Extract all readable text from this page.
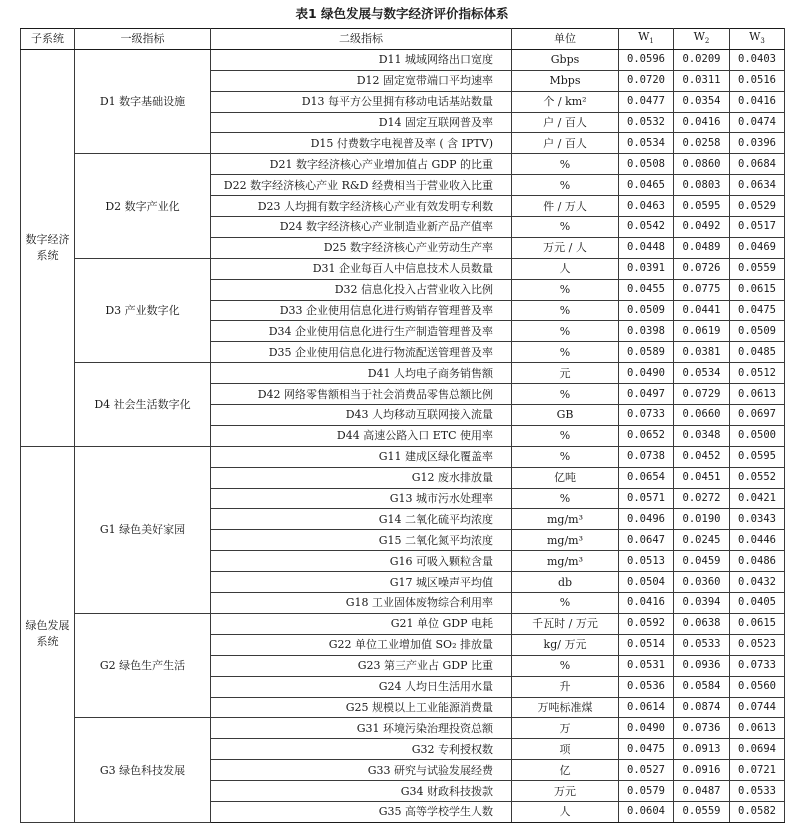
表1 绿色发展与数字经济评价指标体系
子系统	一级指标	二级指标	单位	$W_1$	$W_2$	$W_3$
数字经济系统	D1 数字基础设施	D11 城域网络出口宽度	Gbps	0.0596	0.0209	0.0403
		D12 固定宽带端口平均速率	Mbps	0.0720	0.0311	0.0516
		D13 每平方公里拥有移动电话基站数量	个 / km²	0.0477	0.0354	0.0416
		D14 固定互联网普及率	户 / 百人	0.0532	0.0416	0.0474
		D15 付费数字电视普及率 ( 含 IPTV)	户 / 百人	0.0534	0.0258	0.0396
	D2 数字产业化	D21 数字经济核心产业增加值占 GDP 的比重	%	0.0508	0.0860	0.0684
		D22 数字经济核心产业 R&D 经费相当于营业收入比重	%	0.0465	0.0803	0.0634
		D23 人均拥有数字经济核心产业有效发明专利数	件 / 万人	0.0463	0.0595	0.0529
		D24 数字经济核心产业制造业新产品产值率	%	0.0542	0.0492	0.0517
		D25 数字经济核心产业劳动生产率	万元 / 人	0.0448	0.0489	0.0469
	D3 产业数字化	D31 企业每百人中信息技术人员数量	人	0.0391	0.0726	0.0559
		D32 信息化投入占营业收入比例	%	0.0455	0.0775	0.0615
		D33 企业使用信息化进行购销存管理普及率	%	0.0509	0.0441	0.0475
		D34 企业使用信息化进行生产制造管理普及率	%	0.0398	0.0619	0.0509
		D35 企业使用信息化进行物流配送管理普及率	%	0.0589	0.0381	0.0485
	D4 社会生活数字化	D41 人均电子商务销售额	元	0.0490	0.0534	0.0512
		D42 网络零售额相当于社会消费品零售总额比例	%	0.0497	0.0729	0.0613
		D43 人均移动互联网接入流量	GB	0.0733	0.0660	0.0697
		D44 高速公路入口 ETC 使用率	%	0.0652	0.0348	0.0500
绿色发展系统	G1 绿色美好家园	G11 建成区绿化覆盖率	%	0.0738	0.0452	0.0595
		G12 废水排放量	亿吨	0.0654	0.0451	0.0552
		G13 城市污水处理率	%	0.0571	0.0272	0.0421
		G14 二氧化硫平均浓度	mg/m³	0.0496	0.0190	0.0343
		G15 二氧化氮平均浓度	mg/m³	0.0647	0.0245	0.0446
		G16 可吸入颗粒含量	mg/m³	0.0513	0.0459	0.0486
		G17 城区噪声平均值	db	0.0504	0.0360	0.0432
		G18 工业固体废物综合利用率	%	0.0416	0.0394	0.0405
	G2 绿色生产生活	G21 单位 GDP 电耗	千瓦时 / 万元	0.0592	0.0638	0.0615
		G22 单位工业增加值 SO₂ 排放量	kg/ 万元	0.0514	0.0533	0.0523
		G23 第三产业占 GDP 比重	%	0.0531	0.0936	0.0733
		G24 人均日生活用水量	升	0.0536	0.0584	0.0560
		G25 规模以上工业能源消费量	万吨标准煤	0.0614	0.0874	0.0744
	G3 绿色科技发展	G31 环境污染治理投资总额	万	0.0490	0.0736	0.0613
		G32 专利授权数	项	0.0475	0.0913	0.0694
		G33 研究与试验发展经费	亿	0.0527	0.0916	0.0721
		G34 财政科技拨款	万元	0.0579	0.0487	0.0533
		G35 高等学校学生人数	人	0.0604	0.0559	0.0582
